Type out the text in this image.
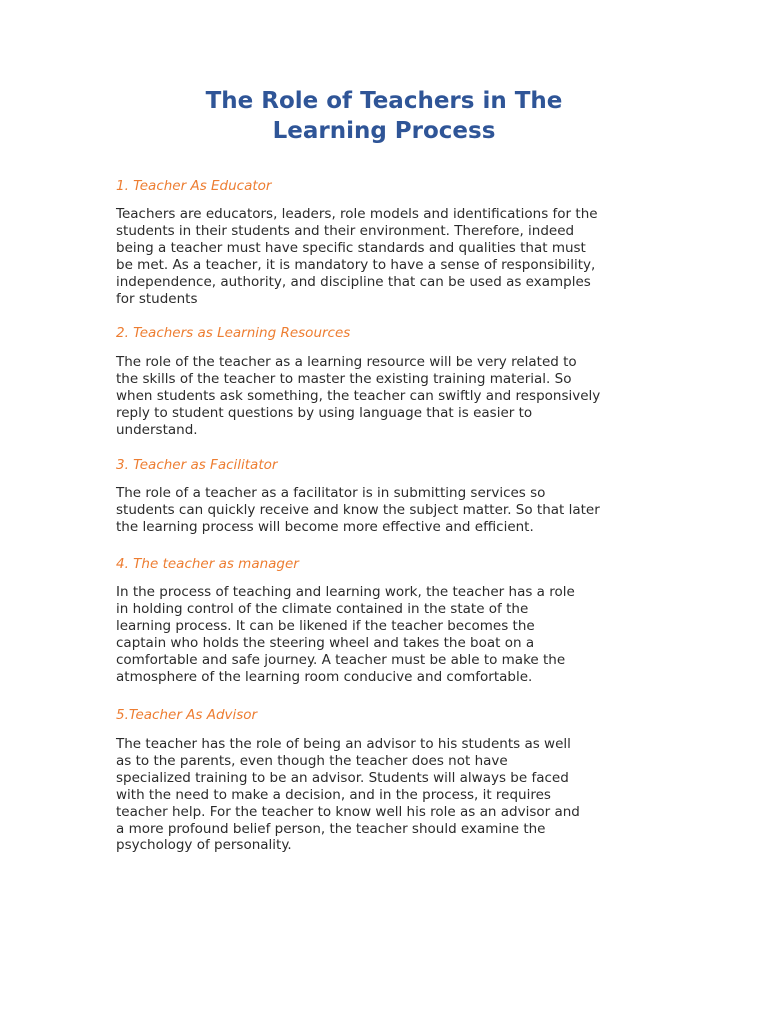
The Role of Teachers in The
Learning Process
1. Teacher As Educator

Teachers are educators, leaders, role models and identifications for the
students in their students and their environment. Therefore, indeed
being a teacher must have specific standards and qualities that must
be met. As a teacher, it is mandatory to have a sense of responsibility,
independence, authority, and discipline that can be used as examples
for students

2. Teachers as Learning Resources

The role of the teacher as a learning resource will be very related to
the skills of the teacher to master the existing training material. So
when students ask something, the teacher can swiftly and responsively
reply to student questions by using language that is easier to
understand.

3. Teacher as Facilitator

The role of a teacher as a facilitator is in submitting services so
students can quickly receive and know the subject matter. So that later
the learning process will become more effective and efficient.

4. The teacher as manager

In the process of teaching and learning work, the teacher has a role
in holding control of the climate contained in the state of the
learning process. It can be likened if the teacher becomes the
captain who holds the steering wheel and takes the boat on a
comfortable and safe journey. A teacher must be able to make the
atmosphere of the learning room conducive and comfortable.

5.Teacher As Advisor

The teacher has the role of being an advisor to his students as well
as to the parents, even though the teacher does not have
specialized training to be an advisor. Students will always be faced
with the need to make a decision, and in the process, it requires
teacher help. For the teacher to know well his role as an advisor and
a more profound belief person, the teacher should examine the
psychology of personality.
